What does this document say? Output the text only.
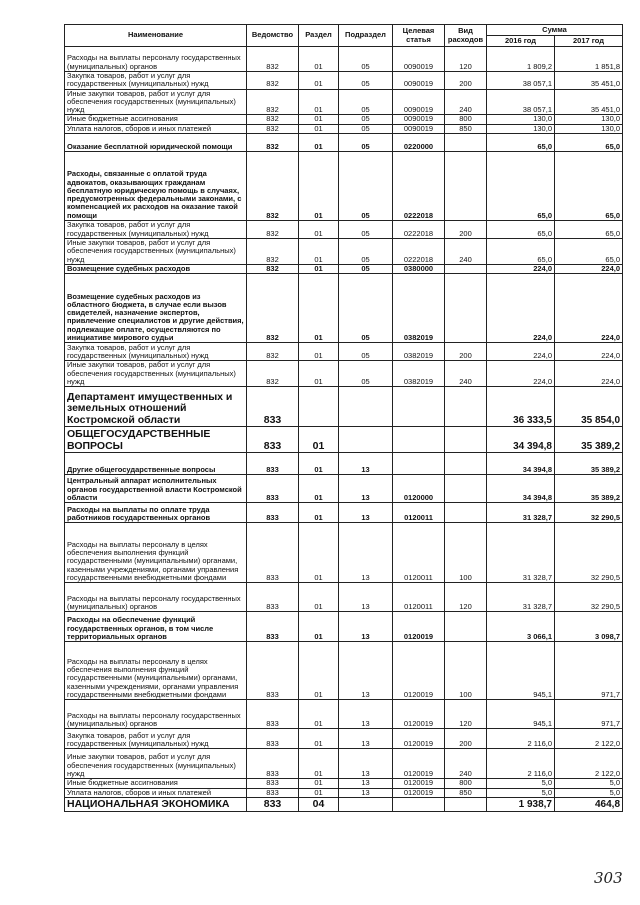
Наименование	Ведомство	Раздел	Подраздел	Целевая статья	Вид расходов	Сумма	
						2016 год	2017 год
Расходы на выплаты персоналу государственных (муниципальных) органов	832	01	05	0090019	120	1 809,2	1 851,8
Закупка товаров, работ и услуг для государственных (муниципальных) нужд	832	01	05	0090019	200	38 057,1	35 451,0
Иные закупки товаров, работ и услуг для обеспечения государственных (муниципальных) нужд	832	01	05	0090019	240	38 057,1	35 451,0
Иные бюджетные ассигнования	832	01	05	0090019	800	130,0	130,0
Уплата налогов, сборов и иных платежей	832	01	05	0090019	850	130,0	130,0
Оказание бесплатной юридической помощи	832	01	05	0220000		65,0	65,0
Расходы, связанные с оплатой труда адвокатов, оказывающих гражданам бесплатную юридическую помощь в случаях, предусмотренных федеральными законами, с компенсацией их расходов на оказание такой помощи	832	01	05	0222018		65,0	65,0
Закупка товаров, работ и услуг для государственных (муниципальных) нужд	832	01	05	0222018	200	65,0	65,0
Иные закупки товаров, работ и услуг для обеспечения государственных (муниципальных) нужд	832	01	05	0222018	240	65,0	65,0
Возмещение судебных расходов	832	01	05	0380000		224,0	224,0
Возмещение судебных расходов из областного бюджета, в случае если вызов свидетелей, назначение экспертов, привлечение специалистов и другие действия, подлежащие оплате, осуществляются по инициативе мирового судьи	832	01	05	0382019		224,0	224,0
Закупка товаров, работ и услуг для государственных (муниципальных) нужд	832	01	05	0382019	200	224,0	224,0
Иные закупки товаров, работ и услуг для обеспечения государственных (муниципальных) нужд	832	01	05	0382019	240	224,0	224,0
Департамент имущественных и земельных отношений Костромской области	833					36 333,5	35 854,0
ОБЩЕГОСУДАРСТВЕННЫЕ ВОПРОСЫ	833	01				34 394,8	35 389,2
Другие общегосударственные вопросы	833	01	13			34 394,8	35 389,2
Центральный аппарат исполнительных органов государственной власти Костромской области	833	01	13	0120000		34 394,8	35 389,2
Расходы на выплаты по оплате труда работников государственных органов	833	01	13	0120011		31 328,7	32 290,5
Расходы на выплаты персоналу в целях обеспечения выполнения функций государственными (муниципальными) органами, казенными учреждениями, органами управления государственными внебюджетными фондами	833	01	13	0120011	100	31 328,7	32 290,5
Расходы на выплаты персоналу государственных (муниципальных) органов	833	01	13	0120011	120	31 328,7	32 290,5
Расходы на обеспечение функций государственных органов, в том числе территориальных органов	833	01	13	0120019		3 066,1	3 098,7
Расходы на выплаты персоналу в целях обеспечения выполнения функций государственными (муниципальными) органами, казенными учреждениями, органами управления государственными внебюджетными фондами	833	01	13	0120019	100	945,1	971,7
Расходы на выплаты персоналу государственных (муниципальных) органов	833	01	13	0120019	120	945,1	971,7
Закупка товаров, работ и услуг для государственных (муниципальных) нужд	833	01	13	0120019	200	2 116,0	2 122,0
Иные закупки товаров, работ и услуг для обеспечения государственных (муниципальных) нужд	833	01	13	0120019	240	2 116,0	2 122,0
Иные бюджетные ассигнования	833	01	13	0120019	800	5,0	5,0
Уплата налогов, сборов и иных платежей	833	01	13	0120019	850	5,0	5,0
НАЦИОНАЛЬНАЯ ЭКОНОМИКА	833	04				1 938,7	464,8
303
